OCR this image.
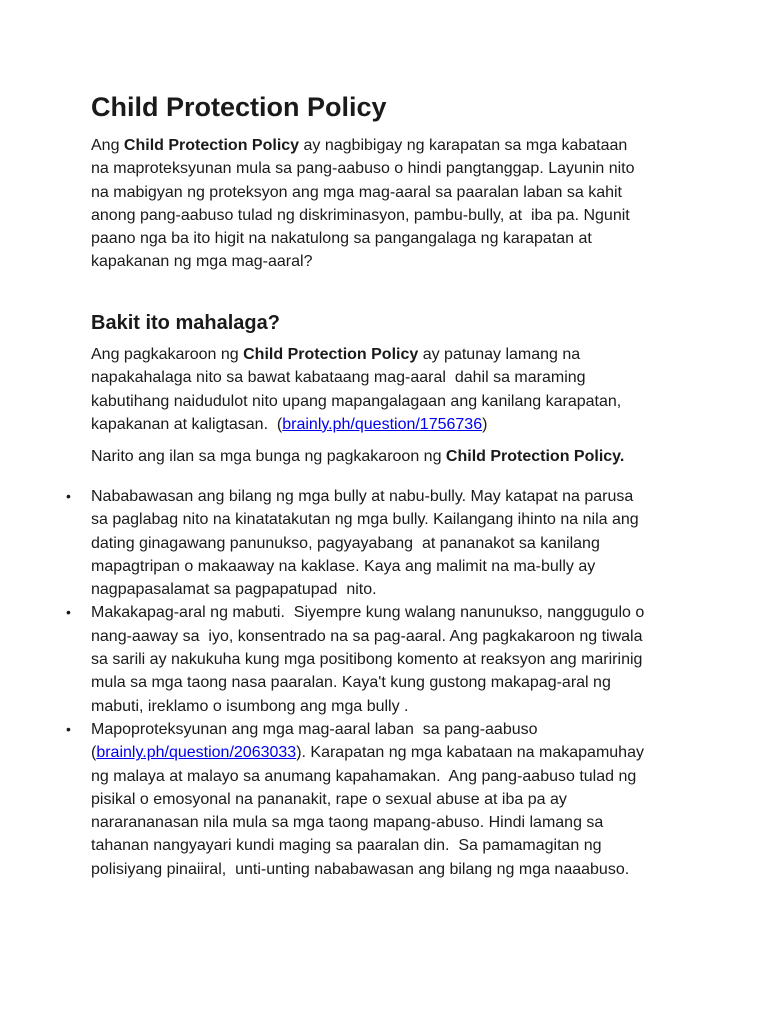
Child Protection Policy
Ang Child Protection Policy ay nagbibigay ng karapatan sa mga kabataan
na maproteksyunan mula sa pang-aabuso o hindi pangtanggap. Layunin nito
na mabigyan ng proteksyon ang mga mag-aaral sa paaralan laban sa kahit
anong pang-aabuso tulad ng diskriminasyon, pambu-bully, at  iba pa. Ngunit
paano nga ba ito higit na nakatulong sa pangangalaga ng karapatan at
kapakanan ng mga mag-aaral?
Bakit ito mahalaga?
Ang pagkakaroon ng Child Protection Policy ay patunay lamang na
napakahalaga nito sa bawat kabataang mag-aaral  dahil sa maraming
kabutihang naidudulot nito upang mapangalagaan ang kanilang karapatan,
kapakanan at kaligtasan.  (brainly.ph/question/1756736)
Narito ang ilan sa mga bunga ng pagkakaroon ng Child Protection Policy.
• Nababawasan ang bilang ng mga bully at nabu-bully. May katapat na parusa
sa paglabag nito na kinatatakutan ng mga bully. Kailangang ihinto na nila ang
dating ginagawang panunukso, pagyayabang  at pananakot sa kanilang
mapagtripan o makaaway na kaklase. Kaya ang malimit na ma-bully ay
nagpapasalamat sa pagpapatupad  nito.
• Makakapag-aral ng mabuti.  Siyempre kung walang nanunukso, nanggugulo o
nang-aaway sa  iyo, konsentrado na sa pag-aaral. Ang pagkakaroon ng tiwala
sa sarili ay nakukuha kung mga positibong komento at reaksyon ang maririnig
mula sa mga taong nasa paaralan. Kaya't kung gustong makapag-aral ng
mabuti, ireklamo o isumbong ang mga bully .
• Mapoproteksyunan ang mga mag-aaral laban  sa pang-aabuso
(brainly.ph/question/2063033). Karapatan ng mga kabataan na makapamuhay
ng malaya at malayo sa anumang kapahamakan.  Ang pang-aabuso tulad ng
pisikal o emosyonal na pananakit, rape o sexual abuse at iba pa ay
nararananasan nila mula sa mga taong mapang-abuso. Hindi lamang sa
tahanan nangyayari kundi maging sa paaralan din.  Sa pamamagitan ng
polisiyang pinaiiral,  unti-unting nababawasan ang bilang ng mga naaabuso.
